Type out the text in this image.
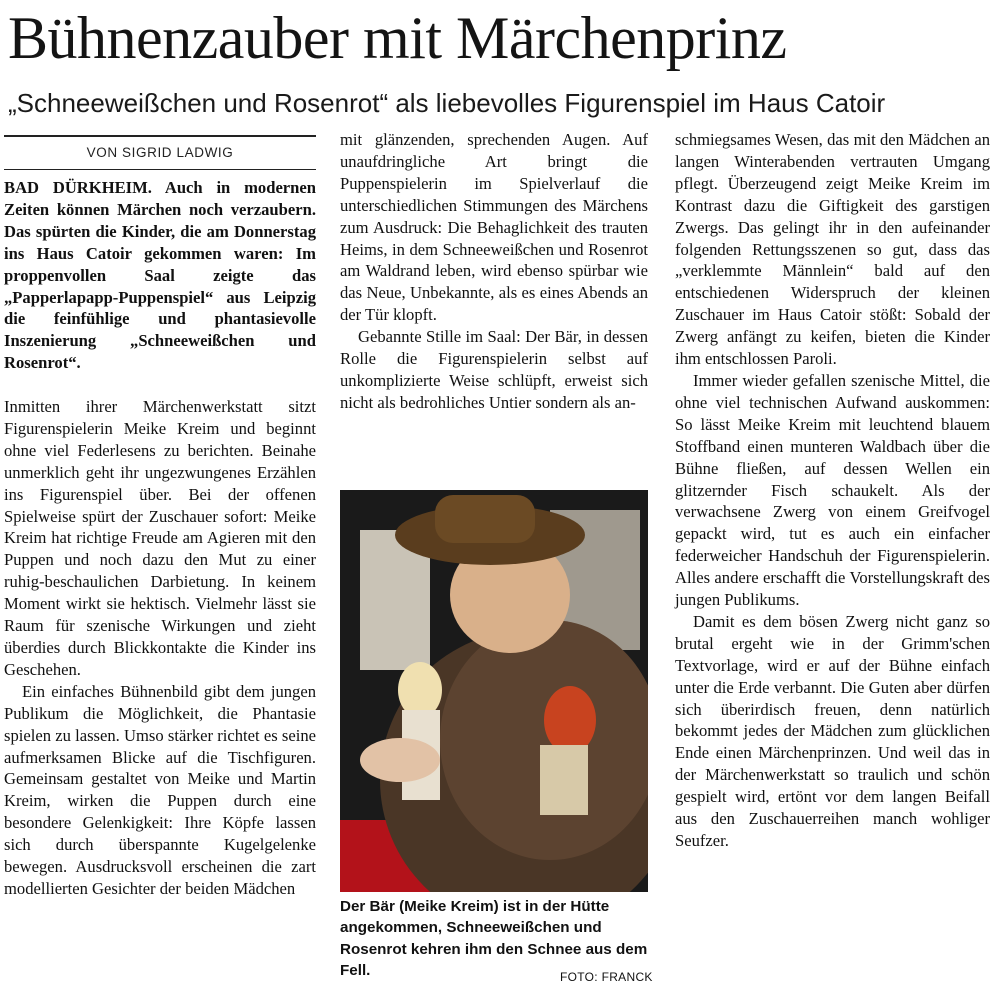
Bühnenzauber mit Märchenprinz
„Schneeweißchen und Rosenrot“ als liebevolles Figurenspiel im Haus Catoir
VON SIGRID LADWIG

BAD DÜRKHEIM. Auch in modernen Zeiten können Märchen noch verzaubern. Das spürten die Kinder, die am Donnerstag ins Haus Catoir gekommen waren: Im proppenvollen Saal zeigte das „Papperlapapp-Puppenspiel“ aus Leipzig die feinfühlige und phantasievolle Inszenierung „Schneeweißchen und Rosenrot“.

Inmitten ihrer Märchenwerkstatt sitzt Figurenspielerin Meike Kreim und beginnt ohne viel Federlesens zu berichten. Beinahe unmerklich geht ihr ungezwungenes Erzählen ins Figurenspiel über. Bei der offenen Spielweise spürt der Zuschauer sofort: Meike Kreim hat richtige Freude am Agieren mit den Puppen und noch dazu den Mut zu einer ruhig-beschaulichen Darbietung. In keinem Moment wirkt sie hektisch. Vielmehr lässt sie Raum für szenische Wirkungen und zieht überdies durch Blickkontakte die Kinder ins Geschehen.

Ein einfaches Bühnenbild gibt dem jungen Publikum die Möglichkeit, die Phantasie spielen zu lassen. Umso stärker richtet es seine aufmerksamen Blicke auf die Tischfiguren. Gemeinsam gestaltet von Meike und Martin Kreim, wirken die Puppen durch eine besondere Gelenkigkeit: Ihre Köpfe lassen sich durch überspannte Kugelgelenke bewegen. Ausdrucksvoll erscheinen die zart modellierten Gesichter der beiden Mädchen

mit glänzenden, sprechenden Augen. Auf unaufdringliche Art bringt die Puppenspielerin im Spielverlauf die unterschiedlichen Stimmungen des Märchens zum Ausdruck: Die Behaglichkeit des trauten Heims, in dem Schneeweißchen und Rosenrot am Waldrand leben, wird ebenso spürbar wie das Neue, Unbekannte, als es eines Abends an der Tür klopft.

Gebannte Stille im Saal: Der Bär, in dessen Rolle die Figurenspielerin selbst auf unkomplizierte Weise schlüpft, erweist sich nicht als bedrohliches Untier sondern als an-

Der Bär (Meike Kreim) ist in der Hütte angekommen, Schneeweißchen und Rosenrot kehren ihm den Schnee aus dem Fell.	FOTO: FRANCK

schmiegsames Wesen, das mit den Mädchen an langen Winterabenden vertrauten Umgang pflegt. Überzeugend zeigt Meike Kreim im Kontrast dazu die Giftigkeit des garstigen Zwergs. Das gelingt ihr in den aufeinander folgenden Rettungsszenen so gut, dass das „verklemmte Männlein“ bald auf den entschiedenen Widerspruch der kleinen Zuschauer im Haus Catoir stößt: Sobald der Zwerg anfängt zu keifen, bieten die Kinder ihm entschlossen Paroli.

Immer wieder gefallen szenische Mittel, die ohne viel technischen Aufwand auskommen: So lässt Meike Kreim mit leuchtend blauem Stoffband einen munteren Waldbach über die Bühne fließen, auf dessen Wellen ein glitzernder Fisch schaukelt. Als der verwachsene Zwerg von einem Greifvogel gepackt wird, tut es auch ein einfacher federweicher Handschuh der Figurenspielerin. Alles andere erschafft die Vorstellungskraft des jungen Publikums.

Damit es dem bösen Zwerg nicht ganz so brutal ergeht wie in der Grimm'schen Textvorlage, wird er auf der Bühne einfach unter die Erde verbannt. Die Guten aber dürfen sich überirdisch freuen, denn natürlich bekommt jedes der Mädchen zum glücklichen Ende einen Märchenprinzen. Und weil das in der Märchenwerkstatt so traulich und schön gespielt wird, ertönt vor dem langen Beifall aus den Zuschauerreihen manch wohliger Seufzer.
